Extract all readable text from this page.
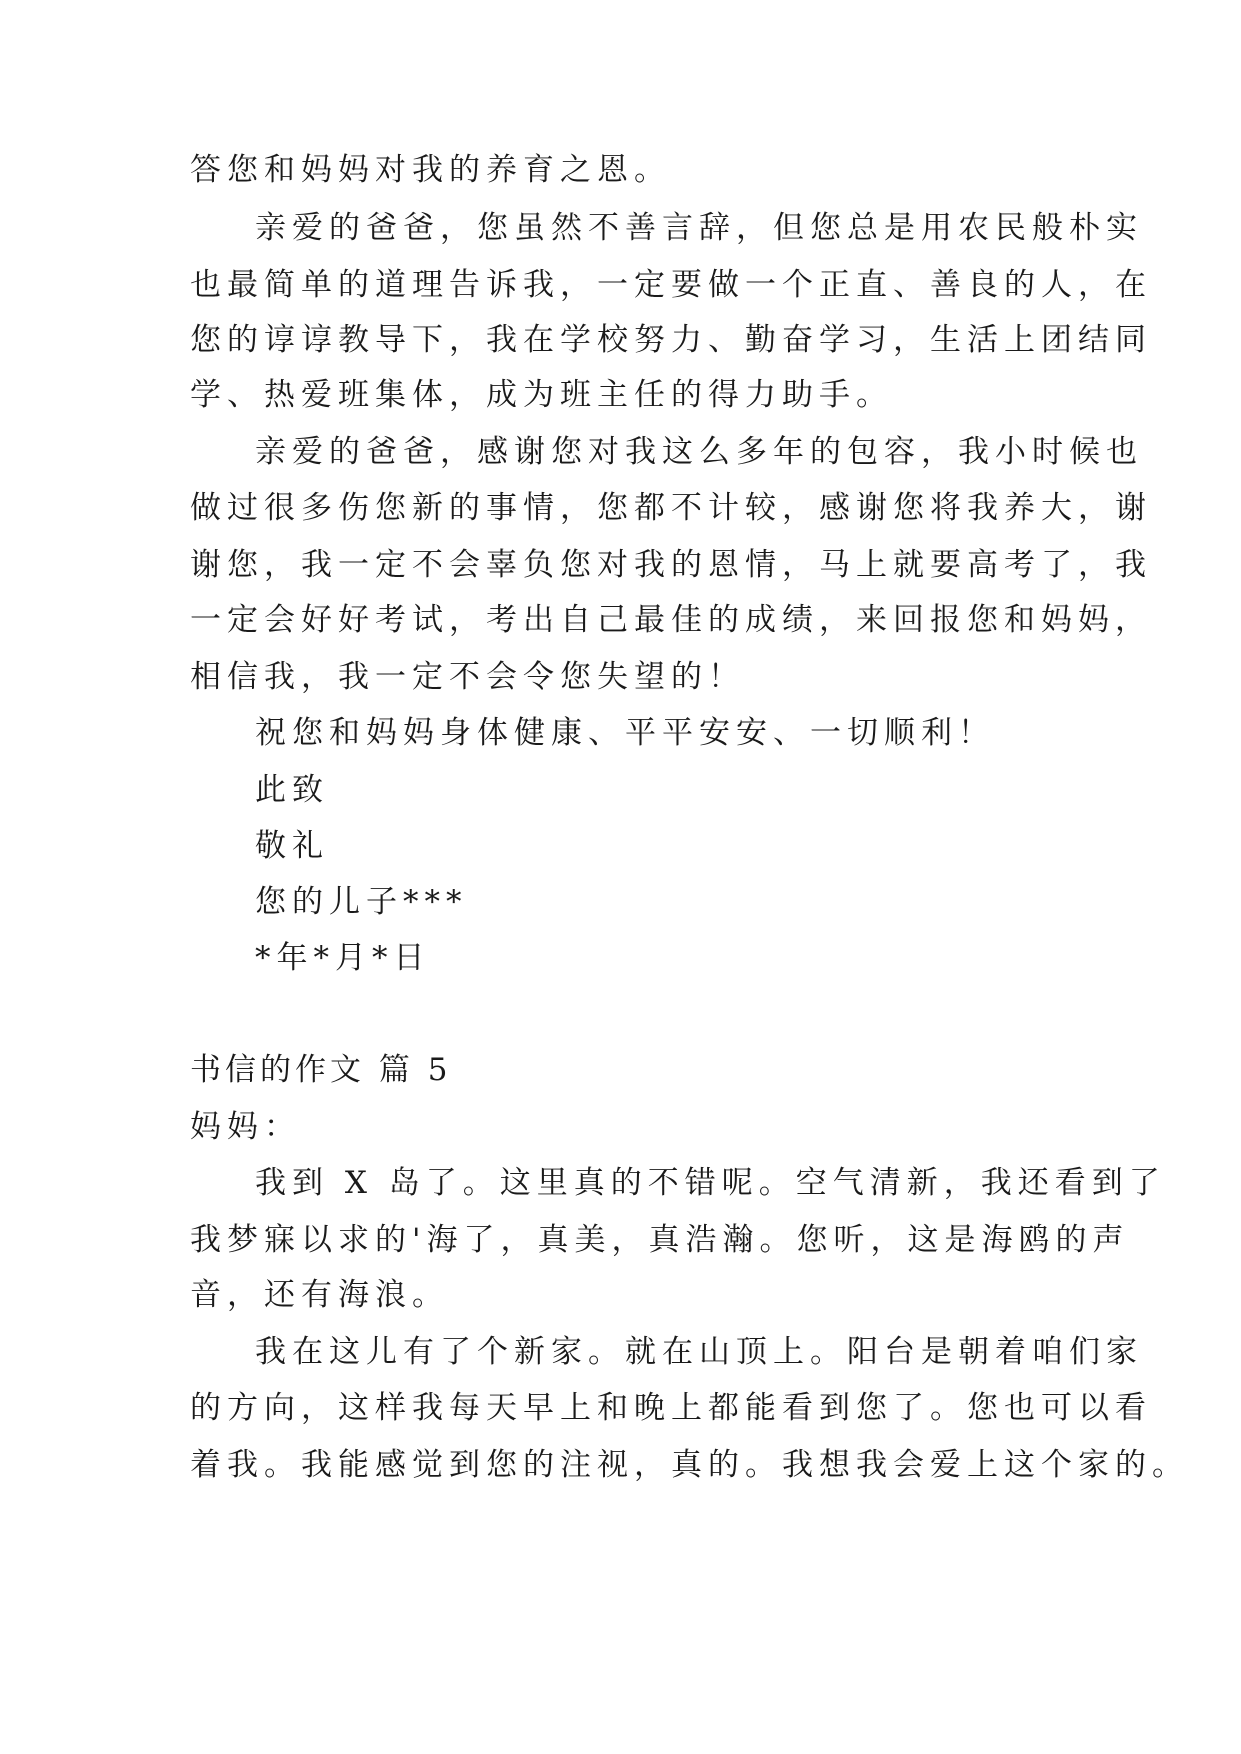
答您和妈妈对我的养育之恩。
亲爱的爸爸，您虽然不善言辞，但您总是用农民般朴实
也最简单的道理告诉我，一定要做一个正直、善良的人，在
您的谆谆教导下，我在学校努力、勤奋学习，生活上团结同
学、热爱班集体，成为班主任的得力助手。
亲爱的爸爸，感谢您对我这么多年的包容，我小时候也
做过很多伤您新的事情，您都不计较，感谢您将我养大，谢
谢您，我一定不会辜负您对我的恩情，马上就要高考了，我
一定会好好考试，考出自己最佳的成绩，来回报您和妈妈，
相信我，我一定不会令您失望的！
祝您和妈妈身体健康、平平安安、一切顺利！
此致
敬礼
您的儿子***
*年*月*日
书信的作文 篇 5
妈妈：
我到 X 岛了。这里真的不错呢。空气清新，我还看到了
我梦寐以求的'海了，真美，真浩瀚。您听，这是海鸥的声
音，还有海浪。
我在这儿有了个新家。就在山顶上。阳台是朝着咱们家
的方向，这样我每天早上和晚上都能看到您了。您也可以看
着我。我能感觉到您的注视，真的。我想我会爱上这个家的。
